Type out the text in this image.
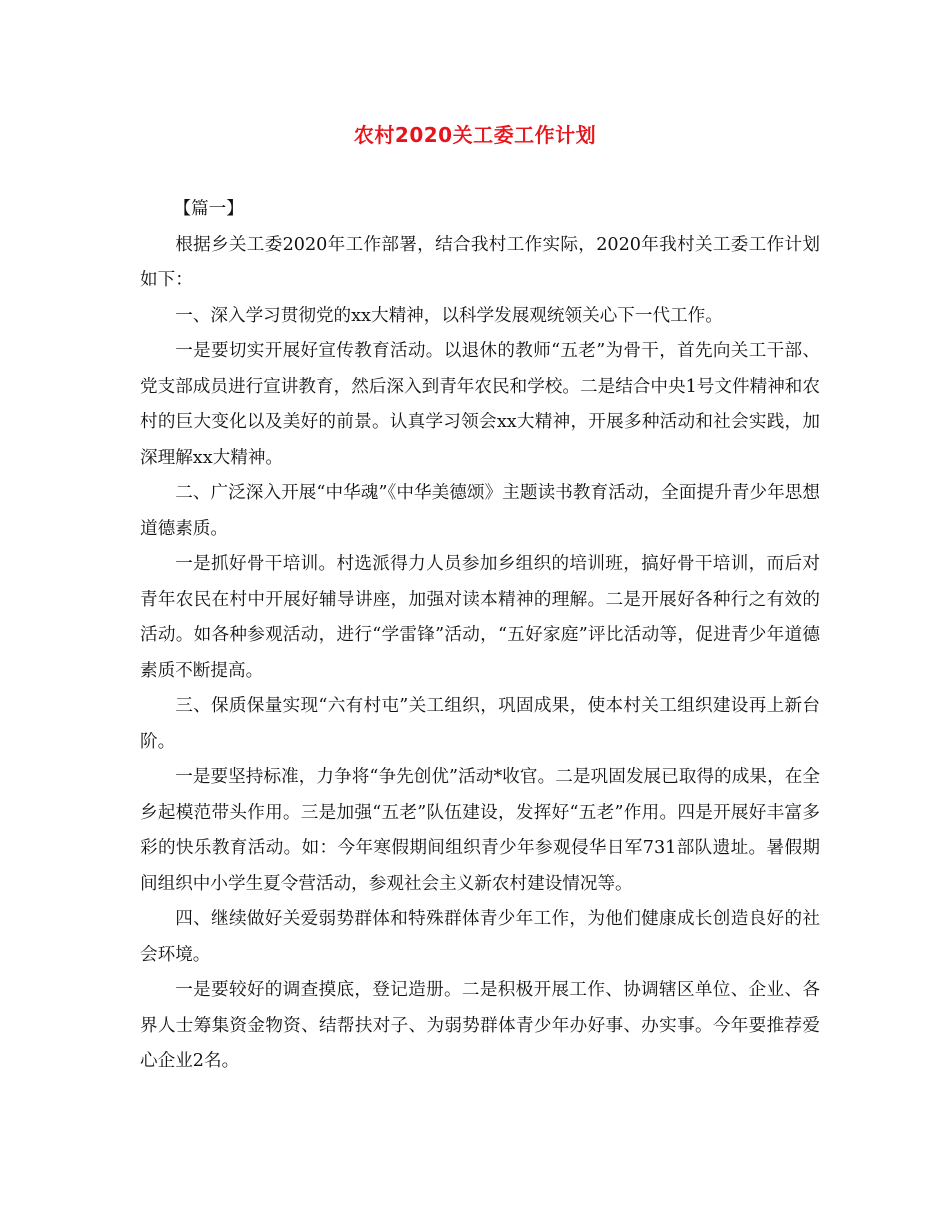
农村2020关工委工作计划

【篇一】

根据乡关工委2020年工作部署，结合我村工作实际，2020年我村关工委工作计划如下：

一、深入学习贯彻党的xx大精神，以科学发展观统领关心下一代工作。

一是要切实开展好宣传教育活动。以退休的教师“五老”为骨干，首先向关工干部、党支部成员进行宣讲教育，然后深入到青年农民和学校。二是结合中央1号文件精神和农村的巨大变化以及美好的前景。认真学习领会xx大精神，开展多种活动和社会实践，加深理解xx大精神。

二、广泛深入开展“中华魂”《中华美德颂》主题读书教育活动，全面提升青少年思想道德素质。

一是抓好骨干培训。村选派得力人员参加乡组织的培训班，搞好骨干培训，而后对青年农民在村中开展好辅导讲座，加强对读本精神的理解。二是开展好各种行之有效的活动。如各种参观活动，进行“学雷锋”活动，“五好家庭”评比活动等，促进青少年道德素质不断提高。

三、保质保量实现“六有村屯”关工组织，巩固成果，使本村关工组织建设再上新台阶。

一是要坚持标准，力争将“争先创优”活动*收官。二是巩固发展已取得的成果，在全乡起模范带头作用。三是加强“五老”队伍建设，发挥好“五老”作用。四是开展好丰富多彩的快乐教育活动。如：今年寒假期间组织青少年参观侵华日军731部队遗址。暑假期间组织中小学生夏令营活动，参观社会主义新农村建设情况等。

四、继续做好关爱弱势群体和特殊群体青少年工作，为他们健康成长创造良好的社会环境。

一是要较好的调查摸底，登记造册。二是积极开展工作、协调辖区单位、企业、各界人士筹集资金物资、结帮扶对子、为弱势群体青少年办好事、办实事。今年要推荐爱心企业2名。
